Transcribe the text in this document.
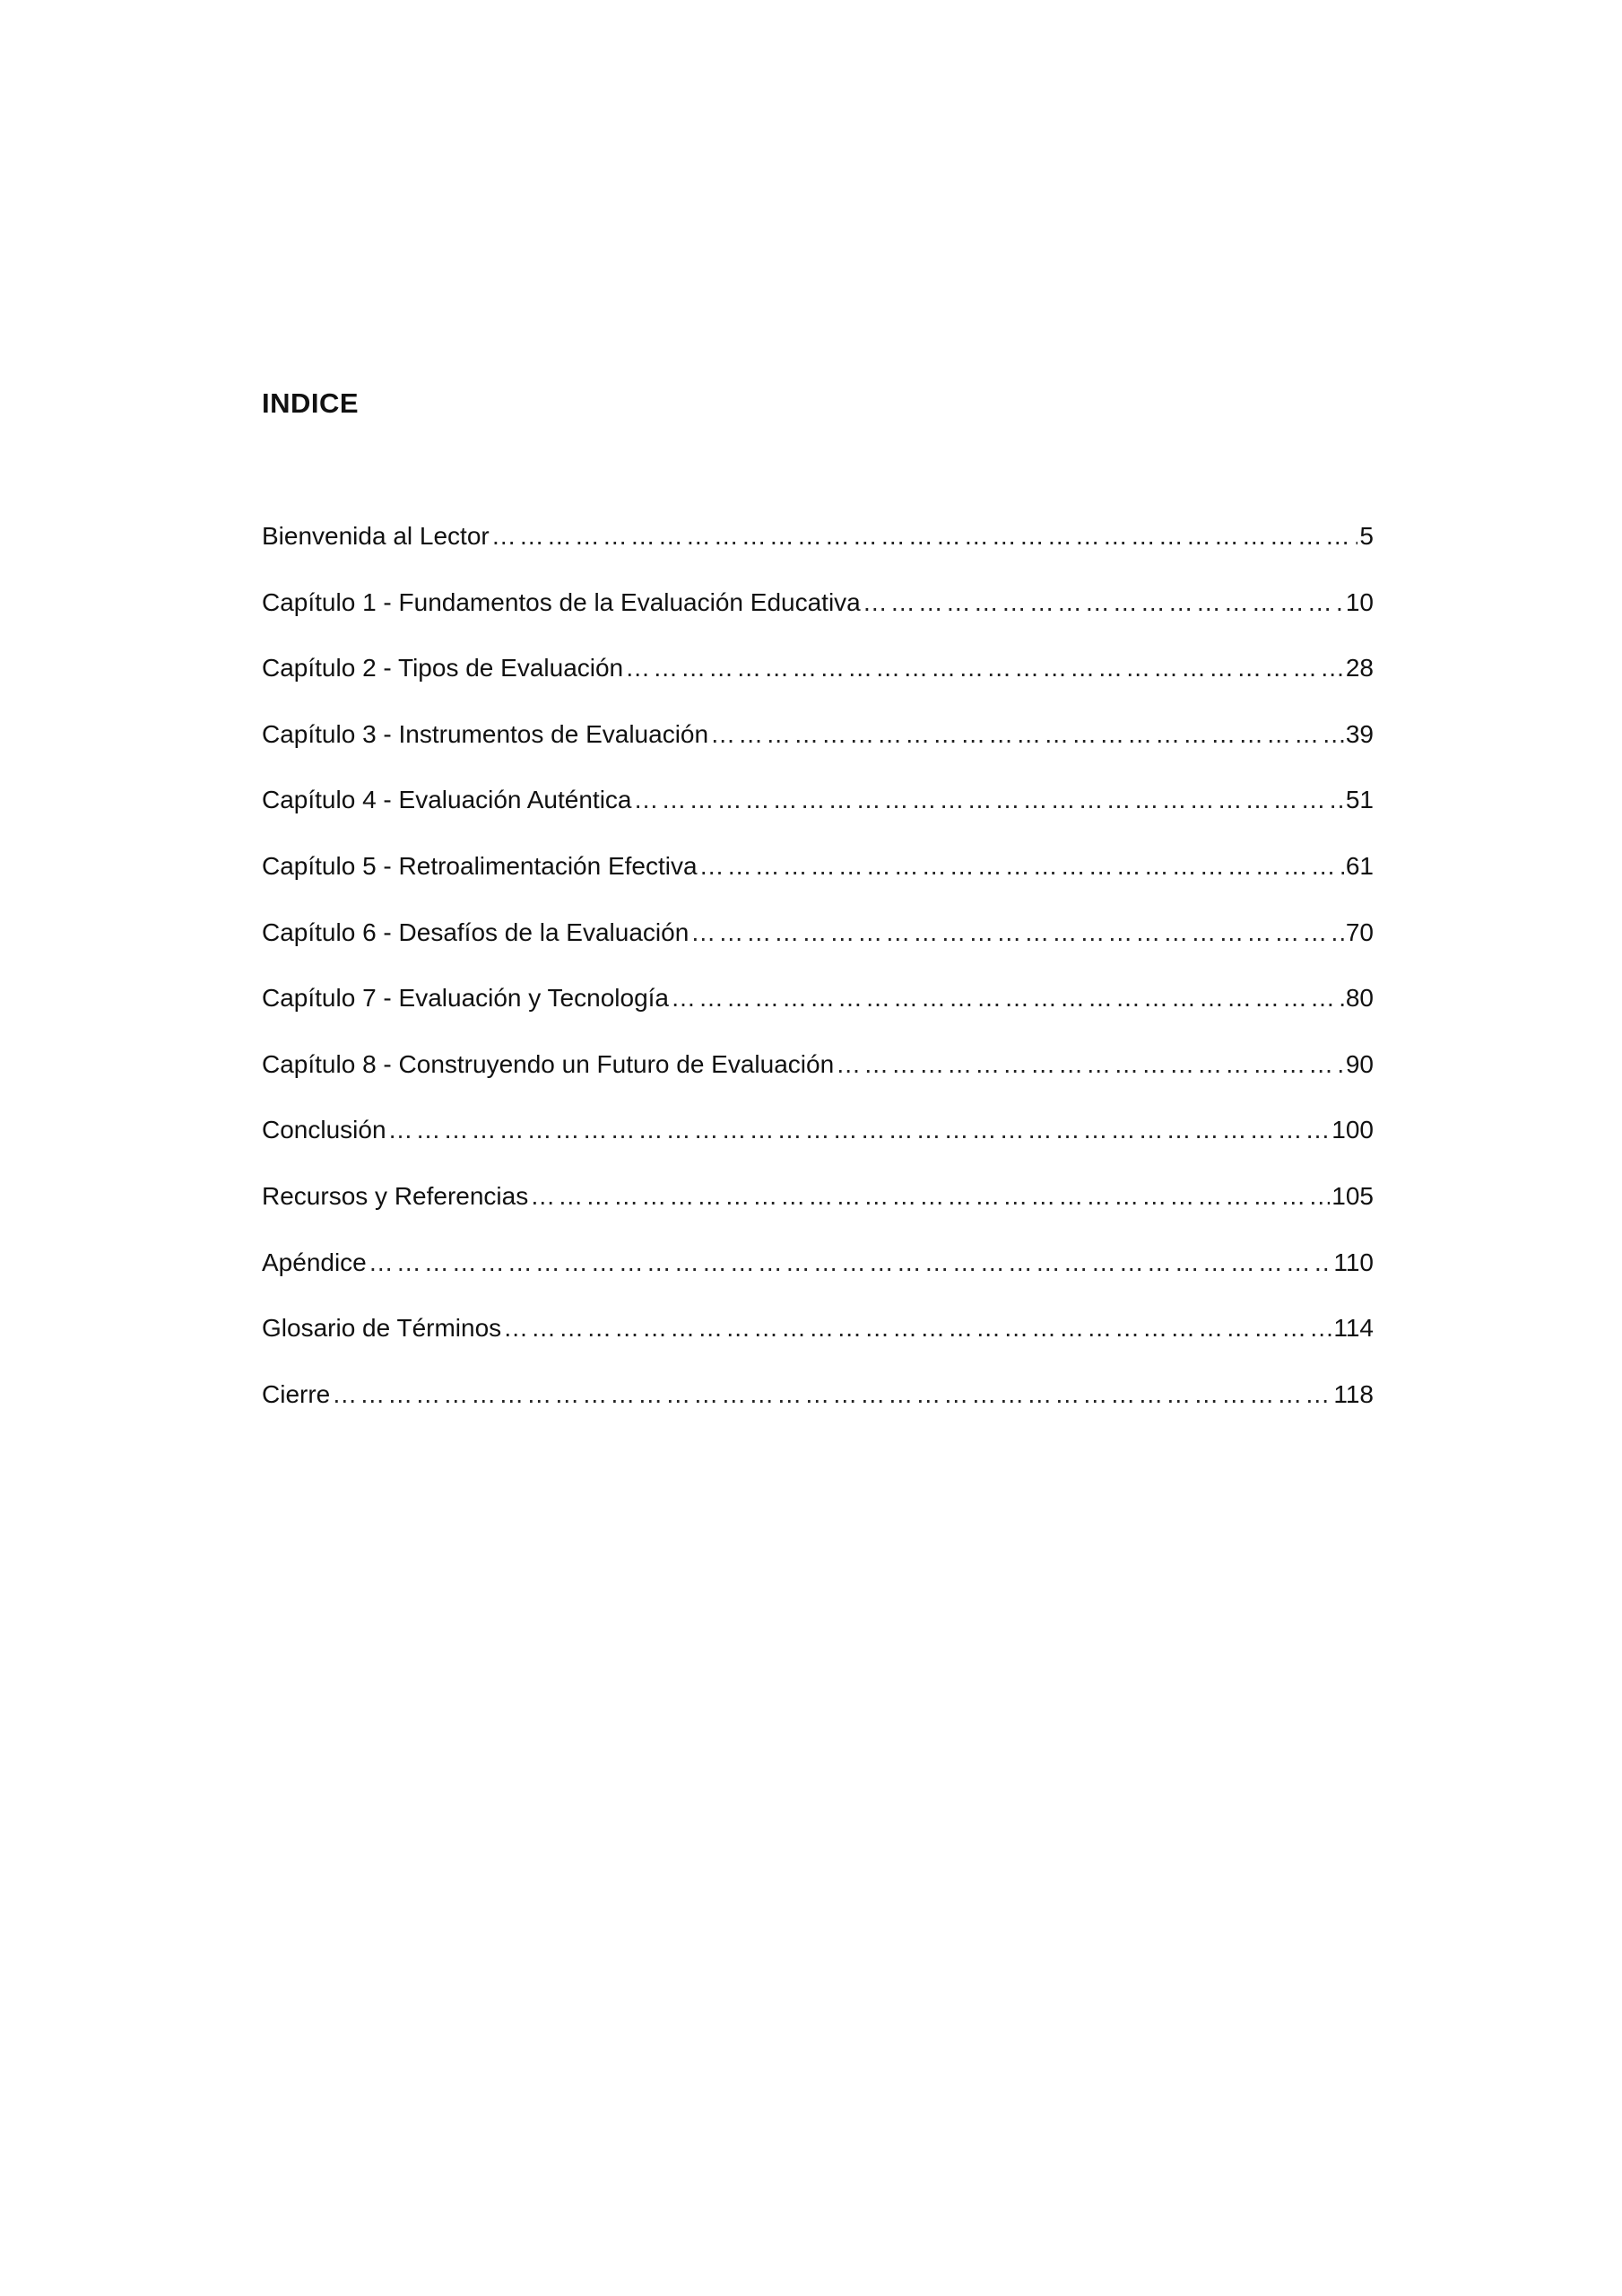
INDICE
Bienvenida al Lector ……………………………………………………………………………………………………………………………………………………………………………………………………	5
Capítulo 1 - Fundamentos de la Evaluación Educativa ……………………………………………………………………………………………………………………………………………………………………………………………………	10
Capítulo 2 - Tipos de Evaluación ……………………………………………………………………………………………………………………………………………………………………………………………………	28
Capítulo 3 - Instrumentos de Evaluación ……………………………………………………………………………………………………………………………………………………………………………………………………	39
Capítulo 4 - Evaluación Auténtica ……………………………………………………………………………………………………………………………………………………………………………………………………	51
Capítulo 5 - Retroalimentación Efectiva ……………………………………………………………………………………………………………………………………………………………………………………………………	61
Capítulo 6 - Desafíos de la Evaluación ……………………………………………………………………………………………………………………………………………………………………………………………………	70
Capítulo 7 - Evaluación y Tecnología ……………………………………………………………………………………………………………………………………………………………………………………………………	80
Capítulo 8 - Construyendo un Futuro de Evaluación ……………………………………………………………………………………………………………………………………………………………………………………………………	90
Conclusión ……………………………………………………………………………………………………………………………………………………………………………………………………	100
Recursos y Referencias ……………………………………………………………………………………………………………………………………………………………………………………………………	105
Apéndice ……………………………………………………………………………………………………………………………………………………………………………………………………	110
Glosario de Términos ……………………………………………………………………………………………………………………………………………………………………………………………………	114
Cierre ……………………………………………………………………………………………………………………………………………………………………………………………………	118
